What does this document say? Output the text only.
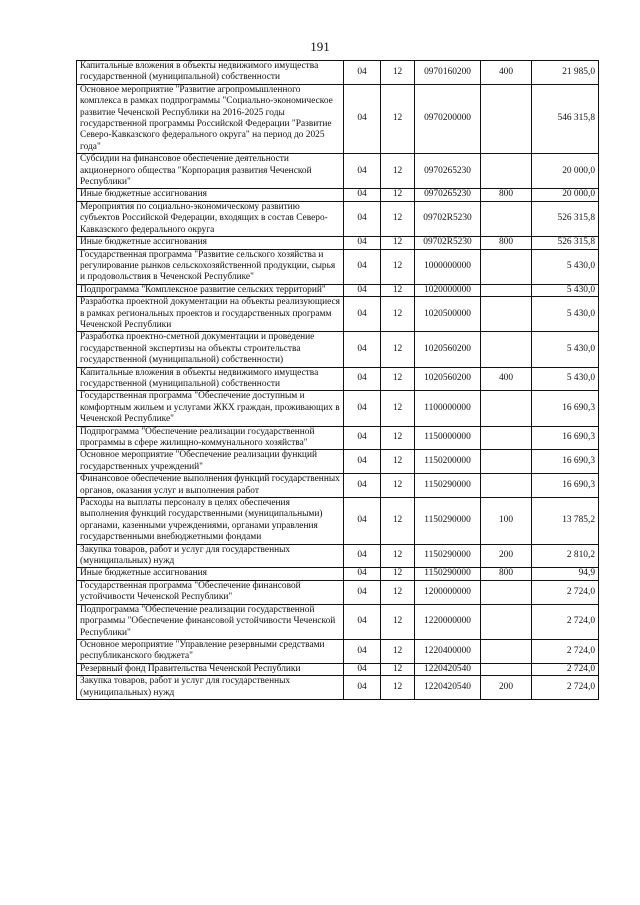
191
Капитальные вложения в объекты недвижимого имущества государственной (муниципальной) собственности	04	12	0970160200	400	21 985,0
Основное мероприятие "Развитие агропромышленного комплекса в рамках подпрограммы "Социально-экономическое развитие Чеченской Республики на 2016-2025 годы государственной программы Российской Федерации "Развитие Северо-Кавказского федерального округа" на период до 2025 года"	04	12	0970200000		546 315,8
Субсидии на финансовое обеспечение деятельности акционерного общества "Корпорация развития Чеченской Республики"	04	12	0970265230		20 000,0
Иные бюджетные ассигнования	04	12	0970265230	800	20 000,0
Мероприятия по социально-экономическому развитию субъектов Российской Федерации, входящих в состав Северо-Кавказского федерального округа	04	12	09702R5230		526 315,8
Иные бюджетные ассигнования	04	12	09702R5230	800	526 315,8
Государственная программа "Развитие сельского хозяйства и регулирование рынков сельскохозяйственной продукции, сырья и продовольствия в Чеченской Республике"	04	12	1000000000		5 430,0
Подпрограмма "Комплексное развитие сельских территорий"	04	12	1020000000		5 430,0
Разработка проектной документации на объекты реализующиеся в рамках региональных проектов и государственных программ Чеченской Республики	04	12	1020500000		5 430,0
Разработка проектно-сметной документации и проведение государственной экспертизы на объекты строительства государственной (муниципальной) собственности)	04	12	1020560200		5 430,0
Капитальные вложения в объекты недвижимого имущества государственной (муниципальной) собственности	04	12	1020560200	400	5 430,0
Государственная программа "Обеспечение доступным и комфортным жильем и услугами ЖКХ граждан, проживающих в Чеченской Республике"	04	12	1100000000		16 690,3
Подпрограмма "Обеспечение реализации государственной программы в сфере жилищно-коммунального хозяйства"	04	12	1150000000		16 690,3
Основное мероприятие "Обеспечение реализации функций государственных учреждений"	04	12	1150200000		16 690,3
Финансовое обеспечение выполнения функций государственных органов, оказания услуг и выполнения работ	04	12	1150290000		16 690,3
Расходы на выплаты персоналу в целях обеспечения выполнения функций государственными (муниципальными) органами, казенными учреждениями, органами управления государственными внебюджетными фондами	04	12	1150290000	100	13 785,2
Закупка товаров, работ и услуг для государственных (муниципальных) нужд	04	12	1150290000	200	2 810,2
Иные бюджетные ассигнования	04	12	1150290000	800	94,9
Государственная программа "Обеспечение финансовой устойчивости Чеченской Республики"	04	12	1200000000		2 724,0
Подпрограмма "Обеспечение реализации государственной программы "Обеспечение финансовой устойчивости Чеченской Республики"	04	12	1220000000		2 724,0
Основное мероприятие "Управление резервными средствами республиканского бюджета"	04	12	1220400000		2 724,0
Резервный фонд Правительства Чеченской Республики	04	12	1220420540		2 724,0
Закупка товаров, работ и услуг для государственных (муниципальных) нужд	04	12	1220420540	200	2 724,0
